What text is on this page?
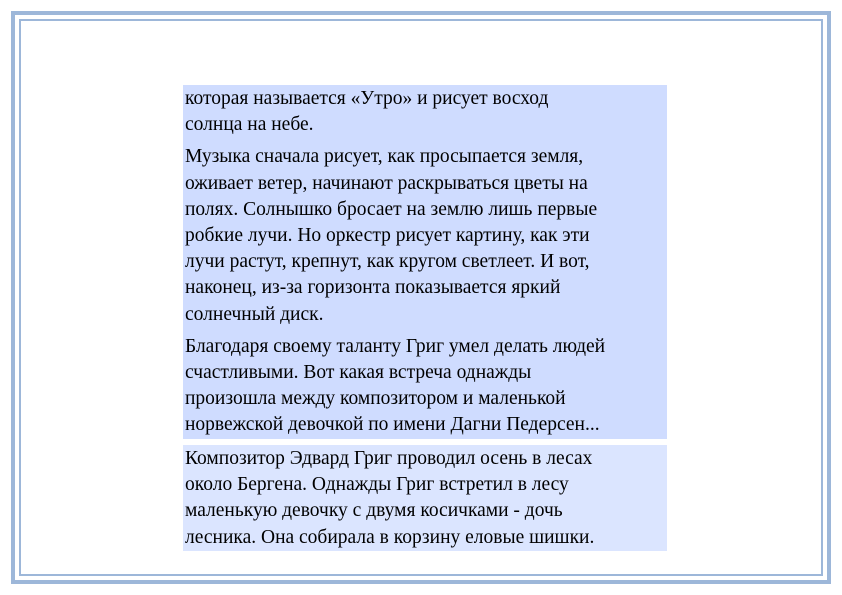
которая называется «Утро» и рисует восход
солнца на небе.

Музыка сначала рисует, как просыпается земля,
оживает ветер, начинают раскрываться цветы на
полях. Солнышко бросает на землю лишь первые
робкие лучи. Но оркестр рисует картину, как эти
лучи растут, крепнут, как кругом светлеет. И вот,
наконец, из-за горизонта показывается яркий
солнечный диск.

Благодаря своему таланту Григ умел делать людей
счастливыми. Вот какая встреча однажды
произошла между композитором и маленькой
норвежской девочкой по имени Дагни Педерсен...

Композитор Эдвард Григ проводил осень в лесах
около Бергена. Однажды Григ встретил в лесу
маленькую девочку с двумя косичками - дочь
лесника. Она собирала в корзину еловые шишки.
